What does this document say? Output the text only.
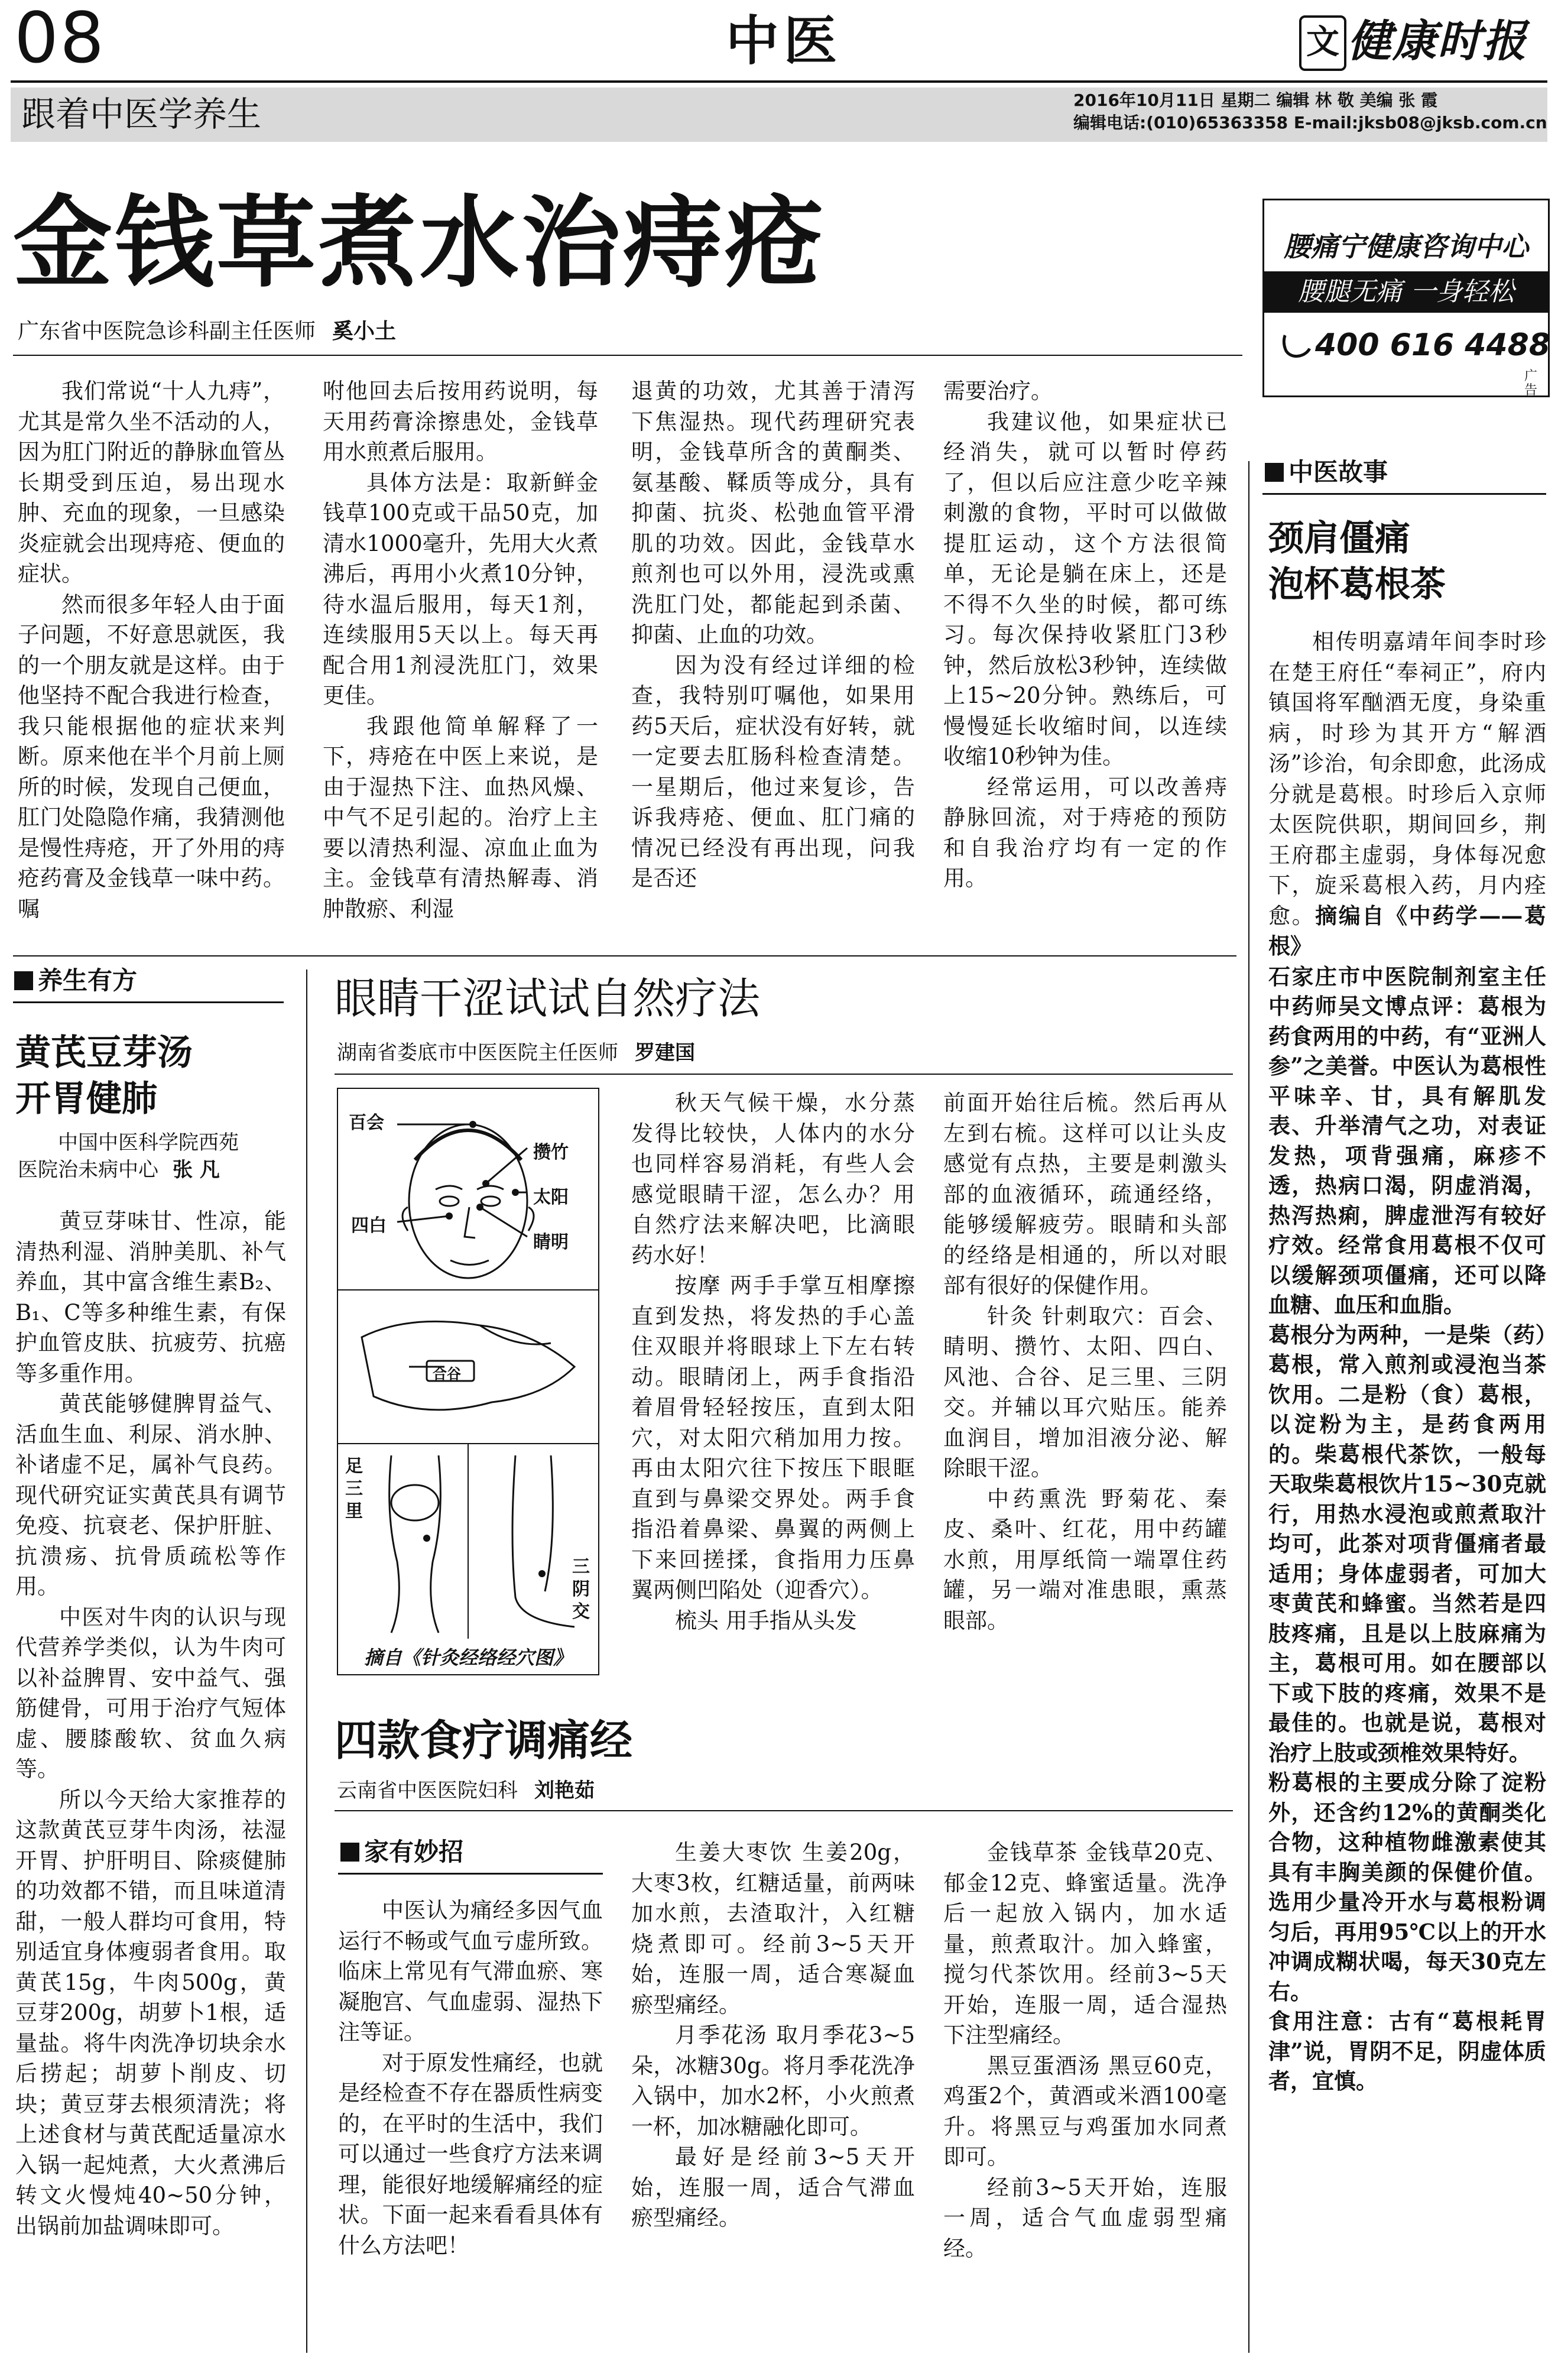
08	中医	文 健康时报
跟着中医学养生	2016年10月11日 星期二 编辑 林 敬 美编 张 霞
编辑电话:(010)65363358 E-mail:jksb08@jksb.com.cn
金钱草煮水治痔疮
广东省中医院急诊科副主任医师 奚小土

我们常说“十人九痔”，尤其是常久坐不活动的人，因为肛门附近的静脉血管丛长期受到压迫，易出现水肿、充血的现象，一旦感染炎症就会出现痔疮、便血的症状。

然而很多年轻人由于面子问题，不好意思就医，我的一个朋友就是这样。由于他坚持不配合我进行检查，我只能根据他的症状来判断。原来他在半个月前上厕所的时候，发现自己便血，肛门处隐隐作痛，我猜测他是慢性痔疮，开了外用的痔疮药膏及金钱草一味中药。嘱

咐他回去后按用药说明，每天用药膏涂擦患处，金钱草用水煎煮后服用。

具体方法是：取新鲜金钱草100克或干品50克，加清水1000毫升，先用大火煮沸后，再用小火煮10分钟，待水温后服用，每天1剂，连续服用5天以上。每天再配合用1剂浸洗肛门，效果更佳。

我跟他简单解释了一下，痔疮在中医上来说，是由于湿热下注、血热风燥、中气不足引起的。治疗上主要以清热利湿、凉血止血为主。金钱草有清热解毒、消肿散瘀、利湿

退黄的功效，尤其善于清泻下焦湿热。现代药理研究表明，金钱草所含的黄酮类、氨基酸、鞣质等成分，具有抑菌、抗炎、松弛血管平滑肌的功效。因此，金钱草水煎剂也可以外用，浸洗或熏洗肛门处，都能起到杀菌、抑菌、止血的功效。

因为没有经过详细的检查，我特别叮嘱他，如果用药5天后，症状没有好转，就一定要去肛肠科检查清楚。一星期后，他过来复诊，告诉我痔疮、便血、肛门痛的情况已经没有再出现，问我是否还

需要治疗。

我建议他，如果症状已经消失，就可以暂时停药了，但以后应注意少吃辛辣刺激的食物，平时可以做做提肛运动，这个方法很简单，无论是躺在床上，还是不得不久坐的时候，都可练习。每次保持收紧肛门3秒钟，然后放松3秒钟，连续做上15~20分钟。熟练后，可慢慢延长收缩时间，以连续收缩10秒钟为佳。

经常运用，可以改善痔静脉回流，对于痔疮的预防和自我治疗均有一定的作用。

腰痛宁健康咨询中心
腰腿无痛 一身轻松
400 616 4488
广告
中医故事
颈肩僵痛
泡杯葛根茶

相传明嘉靖年间李时珍在楚王府任“奉祠正”，府内镇国将军酗酒无度，身染重病，时珍为其开方“解酒汤”诊治，旬余即愈，此汤成分就是葛根。时珍后入京师太医院供职，期间回乡，荆王府郡主虚弱，身体每况愈下，旋采葛根入药，月内痊愈。摘编自《中药学——葛根》

石家庄市中医院制剂室主任中药师吴文博点评：葛根为药食两用的中药，有“亚洲人参”之美誉。中医认为葛根性平味辛、甘，具有解肌发表、升举清气之功，对表证发热，项背强痛，麻疹不透，热病口渴，阴虚消渴，热泻热痢，脾虚泄泻有较好疗效。经常食用葛根不仅可以缓解颈项僵痛，还可以降血糖、血压和血脂。

葛根分为两种，一是柴（药）葛根，常入煎剂或浸泡当茶饮用。二是粉（食）葛根，以淀粉为主，是药食两用的。柴葛根代茶饮，一般每天取柴葛根饮片15~30克就行，用热水浸泡或煎煮取汁均可，此茶对项背僵痛者最适用；身体虚弱者，可加大枣黄芪和蜂蜜。当然若是四肢疼痛，且是以上肢麻痛为主，葛根可用。如在腰部以下或下肢的疼痛，效果不是最佳的。也就是说，葛根对治疗上肢或颈椎效果特好。

粉葛根的主要成分除了淀粉外，还含约12%的黄酮类化合物，这种植物雌激素使其具有丰胸美颜的保健价值。选用少量冷开水与葛根粉调匀后，再用95℃以上的开水冲调成糊状喝，每天30克左右。

食用注意：古有“葛根耗胃津”说，胃阴不足，阴虚体质者，宜慎。

养生有方
黄芪豆芽汤
开胃健肺
中国中医科学院西苑
医院治未病中心 张 凡

黄豆芽味甘、性凉，能清热利湿、消肿美肌、补气养血，其中富含维生素B₂、B₁、C等多种维生素，有保护血管皮肤、抗疲劳、抗癌等多重作用。

黄芪能够健脾胃益气、活血生血、利尿、消水肿、补诸虚不足，属补气良药。现代研究证实黄芪具有调节免疫、抗衰老、保护肝脏、抗溃疡、抗骨质疏松等作用。

中医对牛肉的认识与现代营养学类似，认为牛肉可以补益脾胃、安中益气、强筋健骨，可用于治疗气短体虚、腰膝酸软、贫血久病等。

所以今天给大家推荐的这款黄芪豆芽牛肉汤，祛湿开胃、护肝明目、除痰健肺的功效都不错，而且味道清甜，一般人群均可食用，特别适宜身体瘦弱者食用。取黄芪15g，牛肉500g，黄豆芽200g，胡萝卜1根，适量盐。将牛肉洗净切块余水后捞起；胡萝卜削皮、切块；黄豆芽去根须清洗；将上述食材与黄芪配适量凉水入锅一起炖煮，大火煮沸后转文火慢炖40~50分钟，出锅前加盐调味即可。

眼睛干涩试试自然疗法
湖南省娄底市中医医院主任医师 罗建国
百会
攒竹
太阳
四白
睛明
合谷
足三里
三阴交
摘自《针灸经络经穴图》

秋天气候干燥，水分蒸发得比较快，人体内的水分也同样容易消耗，有些人会感觉眼睛干涩，怎么办？用自然疗法来解决吧，比滴眼药水好！

按摩 两手手掌互相摩擦直到发热，将发热的手心盖住双眼并将眼球上下左右转动。眼睛闭上，两手食指沿着眉骨轻轻按压，直到太阳穴，对太阳穴稍加用力按。再由太阳穴往下按压下眼眶直到与鼻梁交界处。两手食指沿着鼻梁、鼻翼的两侧上下来回搓揉，食指用力压鼻翼两侧凹陷处（迎香穴）。

梳头 用手指从头发

前面开始往后梳。然后再从左到右梳。这样可以让头皮感觉有点热，主要是刺激头部的血液循环，疏通经络，能够缓解疲劳。眼睛和头部的经络是相通的，所以对眼部有很好的保健作用。

针灸 针刺取穴：百会、睛明、攒竹、太阳、四白、风池、合谷、足三里、三阴交。并辅以耳穴贴压。能养血润目，增加泪液分泌、解除眼干涩。

中药熏洗 野菊花、秦皮、桑叶、红花，用中药罐水煎，用厚纸筒一端罩住药罐，另一端对准患眼，熏蒸眼部。

四款食疗调痛经
云南省中医医院妇科 刘艳茹
家有妙招

中医认为痛经多因气血运行不畅或气血亏虚所致。临床上常见有气滞血瘀、寒凝胞宫、气血虚弱、湿热下注等证。

对于原发性痛经，也就是经检查不存在器质性病变的，在平时的生活中，我们可以通过一些食疗方法来调理，能很好地缓解痛经的症状。下面一起来看看具体有什么方法吧！

生姜大枣饮 生姜20g，大枣3枚，红糖适量，前两味加水煎，去渣取汁，入红糖烧煮即可。经前3~5天开始，连服一周，适合寒凝血瘀型痛经。

月季花汤 取月季花3~5朵，冰糖30g。将月季花洗净入锅中，加水2杯，小火煎煮一杯，加冰糖融化即可。

最好是经前3~5天开始，连服一周，适合气滞血瘀型痛经。

金钱草茶 金钱草20克、郁金12克、蜂蜜适量。洗净后一起放入锅内，加水适量，煎煮取汁。加入蜂蜜，搅匀代茶饮用。经前3~5天开始，连服一周，适合湿热下注型痛经。

黑豆蛋酒汤 黑豆60克，鸡蛋2个，黄酒或米酒100毫升。将黑豆与鸡蛋加水同煮即可。

经前3~5天开始，连服一周，适合气血虚弱型痛经。
